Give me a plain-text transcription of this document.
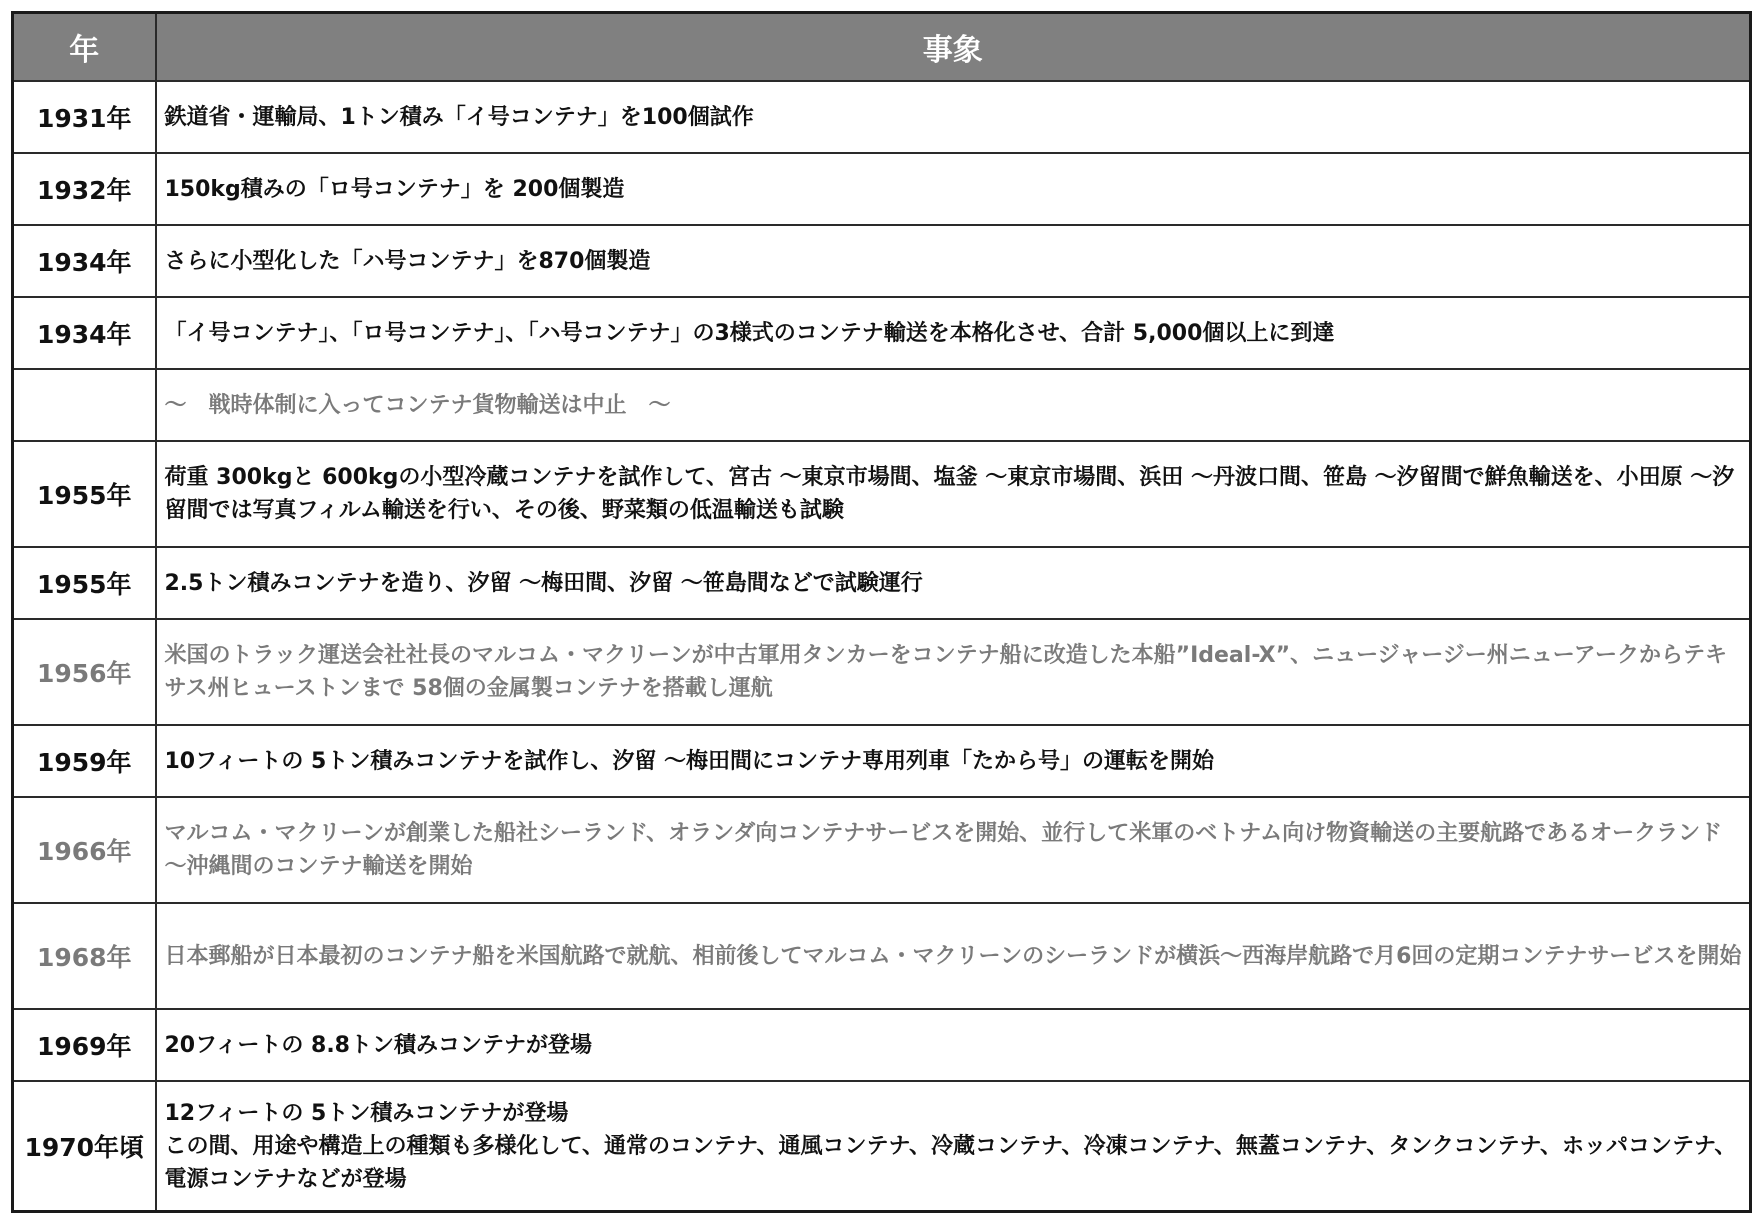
年	事象
1931年	鉄道省・運輸局、1トン積み「イ号コンテナ」を100個試作
1932年	150kg積みの「ロ号コンテナ」を 200個製造
1934年	さらに小型化した「ハ号コンテナ」を870個製造
1934年	「イ号コンテナ」、「ロ号コンテナ」、「ハ号コンテナ」の3様式のコンテナ輸送を本格化させ、合計 5,000個以上に到達
	～　戦時体制に入ってコンテナ貨物輸送は中止　～
1955年	荷重 300kgと 600kgの小型冷蔵コンテナを試作して、宮古 ～東京市場間、塩釜 ～東京市場間、浜田 ～丹波口間、笹島 ～汐留間で鮮魚輸送を、小田原 ～汐留間では写真フィルム輸送を行い、その後、野菜類の低温輸送も試験
1955年	2.5トン積みコンテナを造り、汐留 ～梅田間、汐留 ～笹島間などで試験運行
1956年	米国のトラック運送会社社長のマルコム・マクリーンが中古軍用タンカーをコンテナ船に改造した本船”Ideal-X”、ニュージャージー州ニューアークからテキサス州ヒューストンまで 58個の金属製コンテナを搭載し運航
1959年	10フィートの 5トン積みコンテナを試作し、汐留 ～梅田間にコンテナ専用列車「たから号」の運転を開始
1966年	マルコム・マクリーンが創業した船社シーランド、オランダ向コンテナサービスを開始、並行して米軍のベトナム向け物資輸送の主要航路であるオークランド～沖縄間のコンテナ輸送を開始
1968年	日本郵船が日本最初のコンテナ船を米国航路で就航、相前後してマルコム・マクリーンのシーランドが横浜～西海岸航路で月6回の定期コンテナサービスを開始
1969年	20フィートの 8.8トン積みコンテナが登場
1970年頃	12フィートの 5トン積みコンテナが登場
この間、用途や構造上の種類も多様化して、通常のコンテナ、通風コンテナ、冷蔵コンテナ、冷凍コンテナ、無蓋コンテナ、タンクコンテナ、ホッパコンテナ、電源コンテナなどが登場
